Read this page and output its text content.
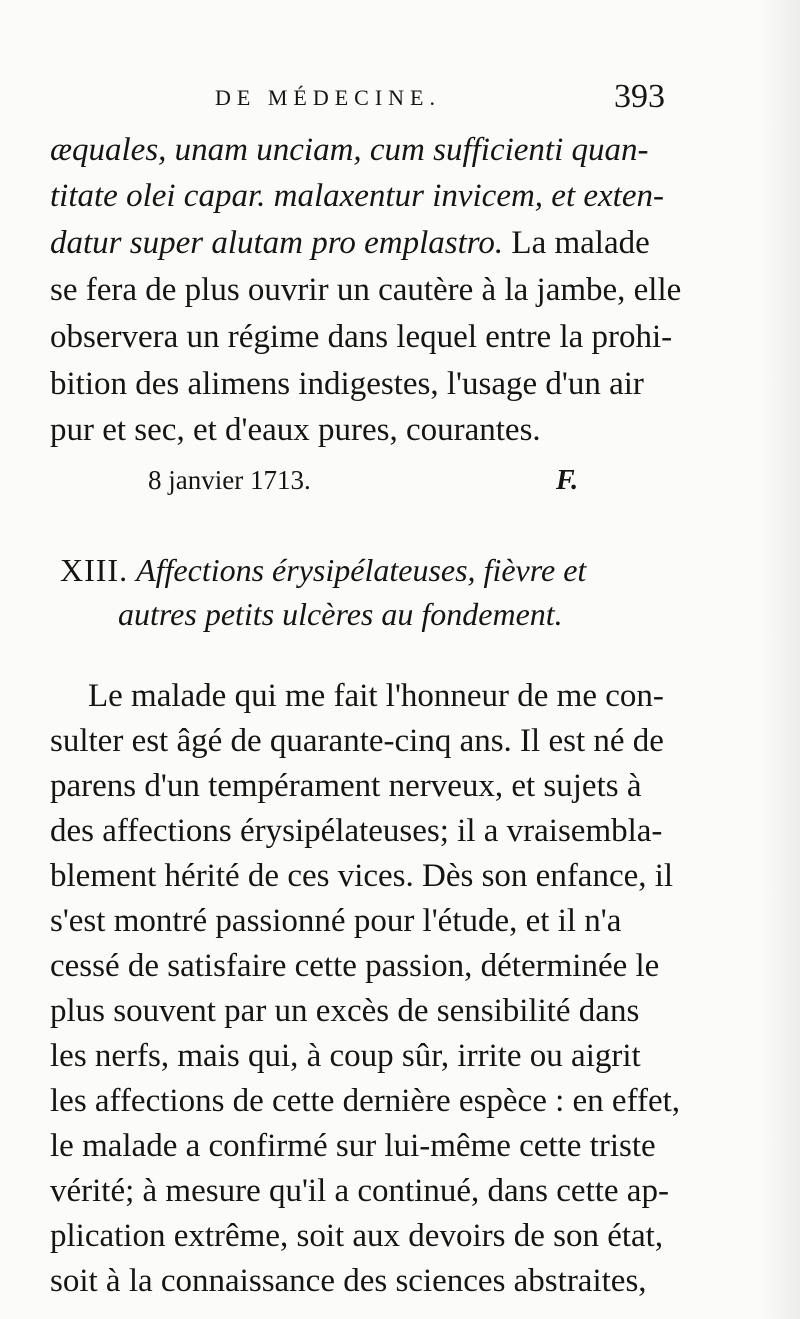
DE MÉDECINE.	393
æquales, unam unciam, cum sufficienti quan-
titate olei capar. malaxentur invicem, et exten-
datur super alutam pro emplastro. La malade
se fera de plus ouvrir un cautère à la jambe, elle
observera un régime dans lequel entre la prohi-
bition des alimens indigestes, l'usage d'un air
pur et sec, et d'eaux pures, courantes.
8 janvier 1713.	F.
XIII. Affections érysipélateuses, fièvre et
autres petits ulcères au fondement.
Le malade qui me fait l'honneur de me con-
sulter est âgé de quarante-cinq ans. Il est né de
parens d'un tempérament nerveux, et sujets à
des affections érysipélateuses; il a vraisembla-
blement hérité de ces vices. Dès son enfance, il
s'est montré passionné pour l'étude, et il n'a
cessé de satisfaire cette passion, déterminée le
plus souvent par un excès de sensibilité dans
les nerfs, mais qui, à coup sûr, irrite ou aigrit
les affections de cette dernière espèce : en effet,
le malade a confirmé sur lui-même cette triste
vérité; à mesure qu'il a continué, dans cette ap-
plication extrême, soit aux devoirs de son état,
soit à la connaissance des sciences abstraites,
